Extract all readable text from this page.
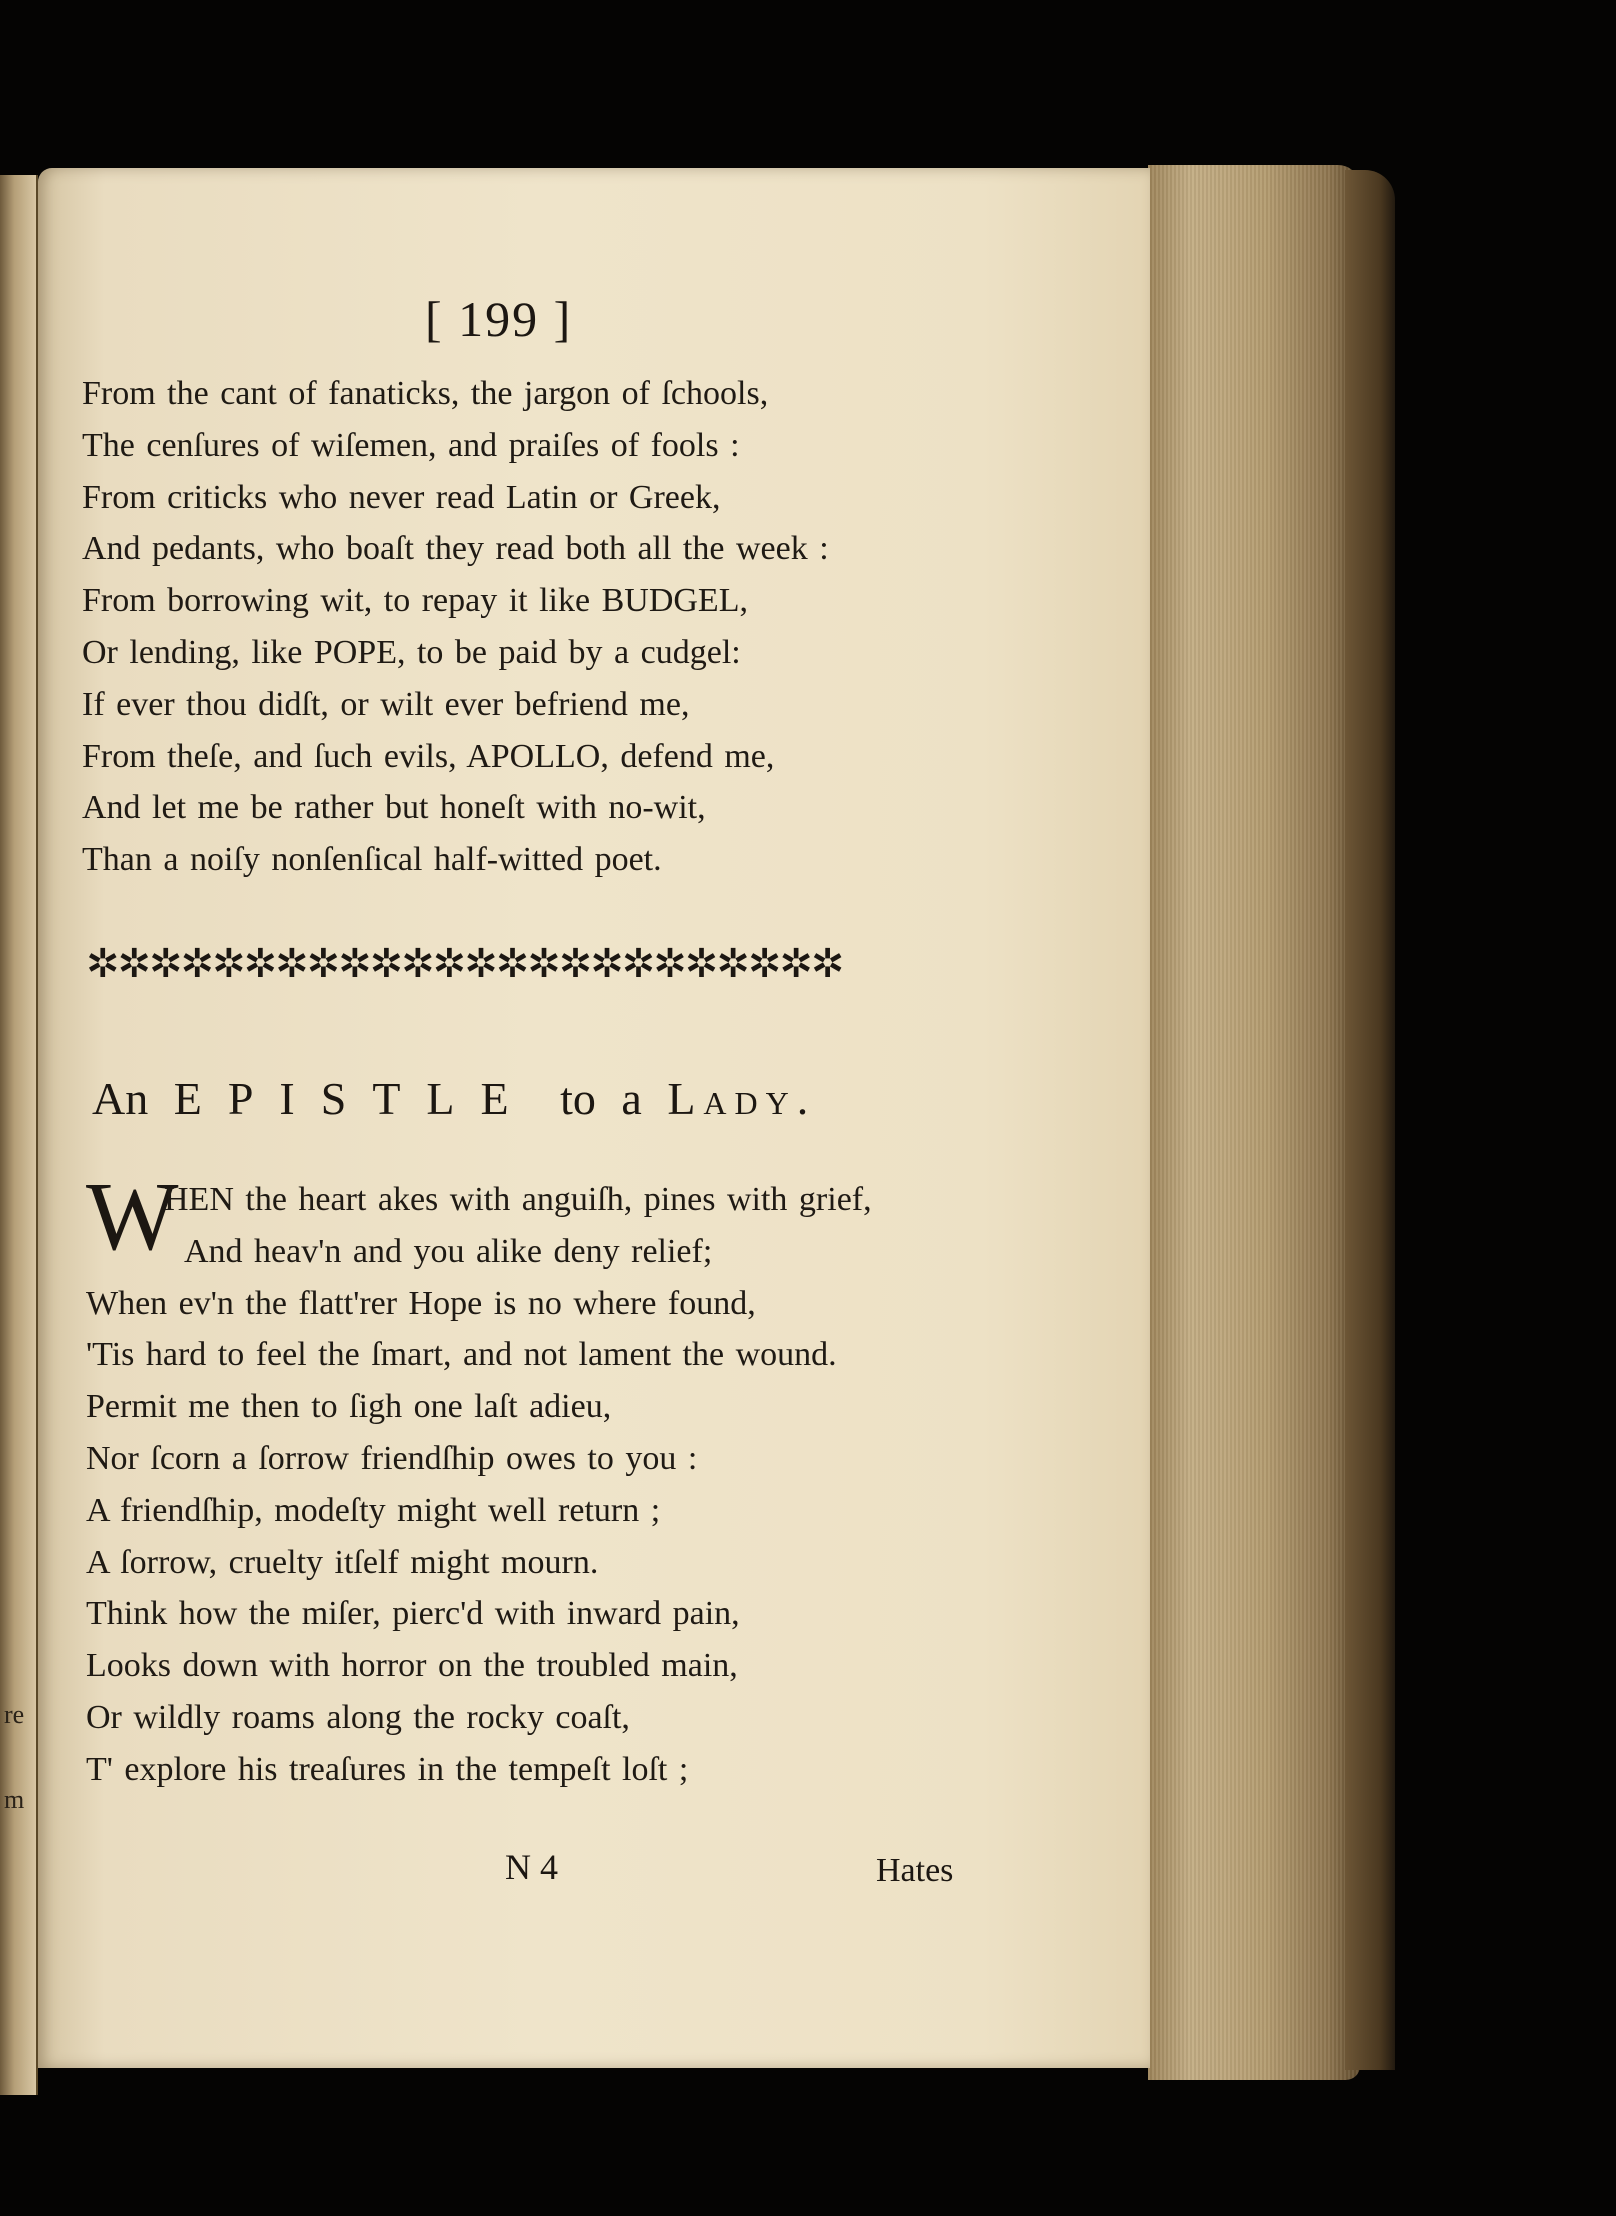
re
m
[ 199 ]
From the cant of fanaticks, the jargon of ſchools,
The cenſures of wiſemen, and praiſes of fools :
From criticks who never read Latin or Greek,
And pedants, who boaſt they read both all the week :
From borrowing wit, to repay it like BUDGEL,
Or lending, like POPE, to be paid by a cudgel:
If ever thou didſt, or wilt ever befriend me,
From theſe, and ſuch evils, APOLLO, defend me,
And let me be rather but honeſt with no-wit,
Than a noiſy nonſenſical half-witted poet.
✲✲✲✲✲✲✲✲✲✲✲✲✲✲✲✲✲✲✲✲✲✲✲✲
An EPISTLE to a Lady.
W
HEN the heart akes with anguiſh, pines with grief,
And heav'n and you alike deny relief;
When ev'n the flatt'rer Hope is no where found,
'Tis hard to feel the ſmart, and not lament the wound.
Permit me then to ſigh one laſt adieu,
Nor ſcorn a ſorrow friendſhip owes to you :
A friendſhip, modeſty might well return ;
A ſorrow, cruelty itſelf might mourn.
Think how the miſer, pierc'd with inward pain,
Looks down with horror on the troubled main,
Or wildly roams along the rocky coaſt,
T' explore his treaſures in the tempeſt loſt ;
N 4	Hates
